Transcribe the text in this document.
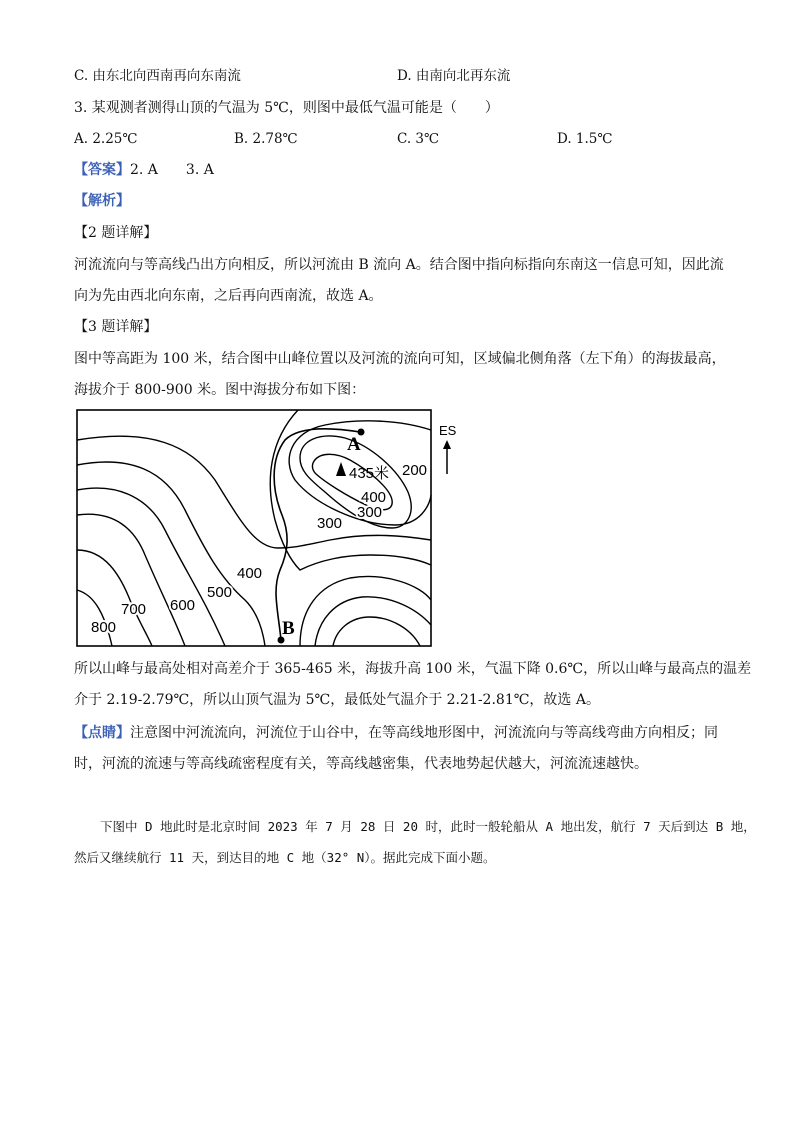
C. 由东北向西南再向东南流	D. 由南向北再东流
3. 某观测者测得山顶的气温为 5℃，则图中最低气温可能是（　　）
A. 2.25℃	B. 2.78℃	C. 3℃	D. 1.5℃
【答案】2. A　　3. A
【解析】
【2 题详解】
河流流向与等高线凸出方向相反，所以河流由 B 流向 A。结合图中指向标指向东南这一信息可知，因此流
向为先由西北向东南，之后再向西南流，故选 A。
【3 题详解】
图中等高距为 100 米，结合图中山峰位置以及河流的流向可知，区域偏北侧角落（左下角）的海拔最高，
海拔介于 800-900 米。图中海拔分布如下图：
A
B
435米 200
400
300
300
400
500
600
700
800
ES
所以山峰与最高处相对高差介于 365-465 米，海拔升高 100 米，气温下降 0.6℃，所以山峰与最高点的温差
介于 2.19-2.79℃，所以山顶气温为 5℃，最低处气温介于 2.21-2.81℃，故选 A。
【点睛】注意图中河流流向，河流位于山谷中，在等高线地形图中，河流流向与等高线弯曲方向相反；同
时，河流的流速与等高线疏密程度有关，等高线越密集，代表地势起伏越大，河流流速越快。
下图中 D 地此时是北京时间 2023 年 7 月 28 日 20 时，此时一般轮船从 A 地出发，航行 7 天后到达 B 地，
然后又继续航行 11 天，到达目的地 C 地（32° N）。据此完成下面小题。
